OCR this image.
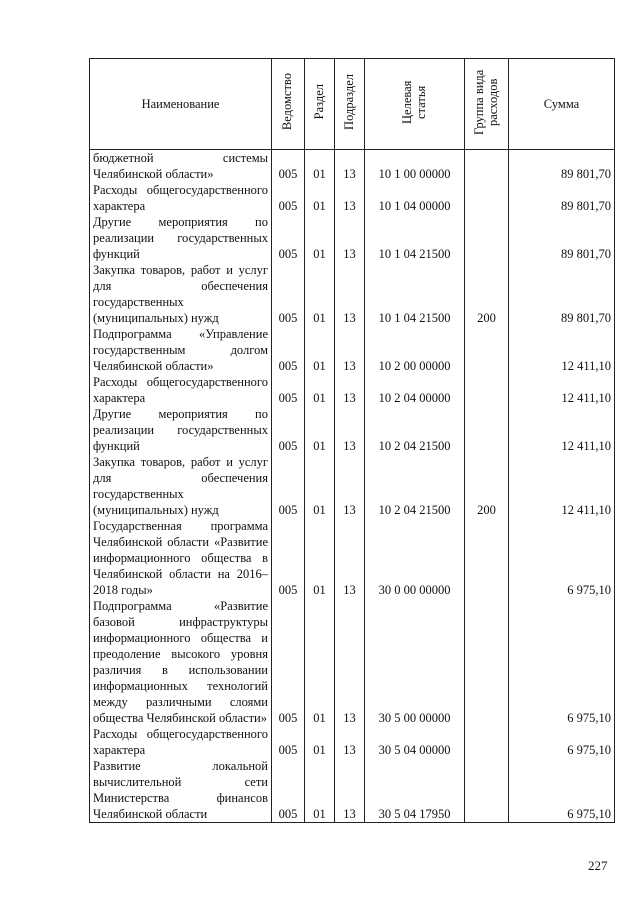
Наименование	Ведомство	Раздел	Подраздел	Целевая статья	Группа вида расходов	Сумма
бюджетной системы Челябинской области»	005	01	13	10 1 00 00000		89 801,70
Расходы общегосударственного характера	005	01	13	10 1 04 00000		89 801,70
Другие мероприятия по реализации государственных функций	005	01	13	10 1 04 21500		89 801,70
Закупка товаров, работ и услуг для обеспечения государственных (муниципальных) нужд	005	01	13	10 1 04 21500	200	89 801,70
Подпрограмма «Управление государственным долгом Челябинской области»	005	01	13	10 2 00 00000		12 411,10
Расходы общегосударственного характера	005	01	13	10 2 04 00000		12 411,10
Другие мероприятия по реализации государственных функций	005	01	13	10 2 04 21500		12 411,10
Закупка товаров, работ и услуг для обеспечения государственных (муниципальных) нужд	005	01	13	10 2 04 21500	200	12 411,10
Государственная программа Челябинской области «Развитие информационного общества в Челябинской области на 2016–2018 годы»	005	01	13	30 0 00 00000		6 975,10
Подпрограмма «Развитие базовой инфраструктуры информационного общества и преодоление высокого уровня различия в использовании информационных технологий между различными слоями общества Челябинской области»	005	01	13	30 5 00 00000		6 975,10
Расходы общегосударственного характера	005	01	13	30 5 04 00000		6 975,10
Развитие локальной вычислительной сети Министерства финансов Челябинской области	005	01	13	30 5 04 17950		6 975,10
227
